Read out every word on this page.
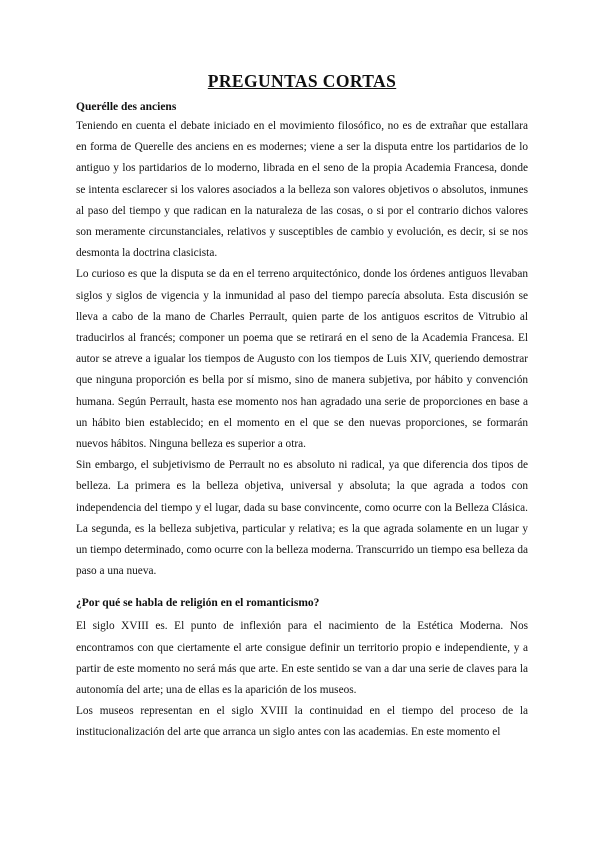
PREGUNTAS CORTAS
Querélle des anciens

Teniendo en cuenta el debate iniciado en el movimiento filosófico, no es de extrañar que estallara en forma de Querelle des anciens en es modernes; viene a ser la disputa entre los partidarios de lo antiguo y los partidarios de lo moderno, librada en el seno de la propia Academia Francesa, donde se intenta esclarecer si los valores asociados a la belleza son valores objetivos o absolutos, inmunes al paso del tiempo y que radican en la naturaleza de las cosas, o si por el contrario dichos valores son meramente circunstanciales, relativos y susceptibles de cambio y evolución, es decir, si se nos desmonta la doctrina clasicista.

Lo curioso es que la disputa se da en el terreno arquitectónico, donde los órdenes antiguos llevaban siglos y siglos de vigencia y la inmunidad al paso del tiempo parecía absoluta. Esta discusión se lleva a cabo de la mano de Charles Perrault, quien parte de los antiguos escritos de Vitrubio al traducirlos al francés; componer un poema que se retirará en el seno de la Academia Francesa. El autor se atreve a igualar los tiempos de Augusto con los tiempos de Luis XIV, queriendo demostrar que ninguna proporción es bella por sí mismo, sino de manera subjetiva, por hábito y convención humana. Según Perrault, hasta ese momento nos han agradado una serie de proporciones en base a un hábito bien establecido; en el momento en el que se den nuevas proporciones, se formarán nuevos hábitos. Ninguna belleza es superior a otra.

Sin embargo, el subjetivismo de Perrault no es absoluto ni radical, ya que diferencia dos tipos de belleza. La primera es la belleza objetiva, universal y absoluta; la que agrada a todos con independencia del tiempo y el lugar, dada su base convincente, como ocurre con la Belleza Clásica. La segunda, es la belleza subjetiva, particular y relativa; es la que agrada solamente en un lugar y un tiempo determinado, como ocurre con la belleza moderna. Transcurrido un tiempo esa belleza da paso a una nueva.

¿Por qué se habla de religión en el romanticismo?

El siglo XVIII es. El punto de inflexión para el nacimiento de la Estética Moderna. Nos encontramos con que ciertamente el arte consigue definir un territorio propio e independiente, y a partir de este momento no será más que arte. En este sentido se van a dar una serie de claves para la autonomía del arte; una de ellas es la aparición de los museos.

Los museos representan en el siglo XVIII la continuidad en el tiempo del proceso de la institucionalización del arte que arranca un siglo antes con las academias. En este momento el
